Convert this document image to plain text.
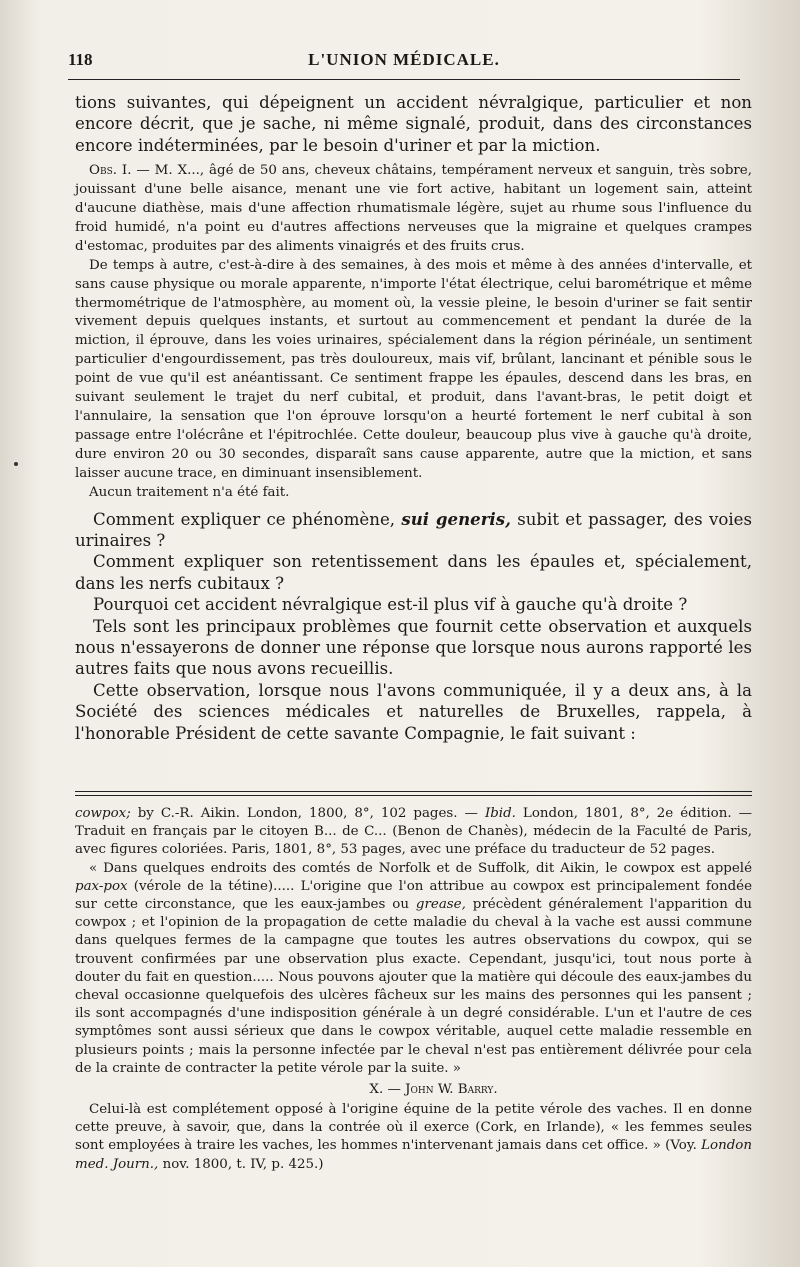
118	L'UNION MÉDICALE.

tions suivantes, qui dépeignent un accident névralgique, particulier et non encore décrit, que je sache, ni même signalé, produit, dans des circonstances encore indéterminées, par le besoin d'uriner et par la miction.

Obs. I. — M. X..., âgé de 50 ans, cheveux châtains, tempérament nerveux et sanguin, très sobre, jouissant d'une belle aisance, menant une vie fort active, habitant un logement sain, atteint d'aucune diathèse, mais d'une affection rhumatismale légère, sujet au rhume sous l'influence du froid humidé, n'a point eu d'autres affections nerveuses que la migraine et quelques crampes d'estomac, produites par des aliments vinaigrés et des fruits crus.

De temps à autre, c'est-à-dire à des semaines, à des mois et même à des années d'intervalle, et sans cause physique ou morale apparente, n'importe l'état électrique, celui barométrique et même thermométrique de l'atmosphère, au moment où, la vessie pleine, le besoin d'uriner se fait sentir vivement depuis quelques instants, et surtout au commencement et pendant la durée de la miction, il éprouve, dans les voies urinaires, spécialement dans la région périnéale, un sentiment particulier d'engourdissement, pas très douloureux, mais vif, brûlant, lancinant et pénible sous le point de vue qu'il est anéantissant. Ce sentiment frappe les épaules, descend dans les bras, en suivant seulement le trajet du nerf cubital, et produit, dans l'avant-bras, le petit doigt et l'annulaire, la sensation que l'on éprouve lorsqu'on a heurté fortement le nerf cubital à son passage entre l'olécrâne et l'épitrochlée. Cette douleur, beaucoup plus vive à gauche qu'à droite, dure environ 20 ou 30 secondes, disparaît sans cause apparente, autre que la miction, et sans laisser aucune trace, en diminuant insensiblement.

Aucun traitement n'a été fait.

Comment expliquer ce phénomène, sui generis, subit et passager, des voies urinaires ?

Comment expliquer son retentissement dans les épaules et, spécialement, dans les nerfs cubitaux ?

Pourquoi cet accident névralgique est-il plus vif à gauche qu'à droite ?

Tels sont les principaux problèmes que fournit cette observation et auxquels nous n'essayerons de donner une réponse que lorsque nous aurons rapporté les autres faits que nous avons recueillis.

Cette observation, lorsque nous l'avons communiquée, il y a deux ans, à la Société des sciences médicales et naturelles de Bruxelles, rappela, à l'honorable Président de cette savante Compagnie, le fait suivant :

cowpox; by C.-R. Aikin. London, 1800, 8°, 102 pages. — Ibid. London, 1801, 8°, 2e édition. — Traduit en français par le citoyen B... de C... (Benon de Chanès), médecin de la Faculté de Paris, avec figures coloriées. Paris, 1801, 8°, 53 pages, avec une préface du traducteur de 52 pages.

« Dans quelques endroits des comtés de Norfolk et de Suffolk, dit Aikin, le cowpox est appelé pax-pox (vérole de la tétine)..... L'origine que l'on attribue au cowpox est principalement fondée sur cette circonstance, que les eaux-jambes ou grease, précèdent généralement l'apparition du cowpox ; et l'opinion de la propagation de cette maladie du cheval à la vache est aussi commune dans quelques fermes de la campagne que toutes les autres observations du cowpox, qui se trouvent confirmées par une observation plus exacte. Cependant, jusqu'ici, tout nous porte à douter du fait en question..... Nous pouvons ajouter que la matière qui découle des eaux-jambes du cheval occasionne quelquefois des ulcères fâcheux sur les mains des personnes qui les pansent ; ils sont accompagnés d'une indisposition générale à un degré considérable. L'un et l'autre de ces symptômes sont aussi sérieux que dans le cowpox véritable, auquel cette maladie ressemble en plusieurs points ; mais la personne infectée par le cheval n'est pas entièrement délivrée pour cela de la crainte de contracter la petite vérole par la suite. »

X. — John W. Barry.

Celui-là est complétement opposé à l'origine équine de la petite vérole des vaches. Il en donne cette preuve, à savoir, que, dans la contrée où il exerce (Cork, en Irlande), « les femmes seules sont employées à traire les vaches, les hommes n'intervenant jamais dans cet office. » (Voy. London med. Journ., nov. 1800, t. IV, p. 425.)
